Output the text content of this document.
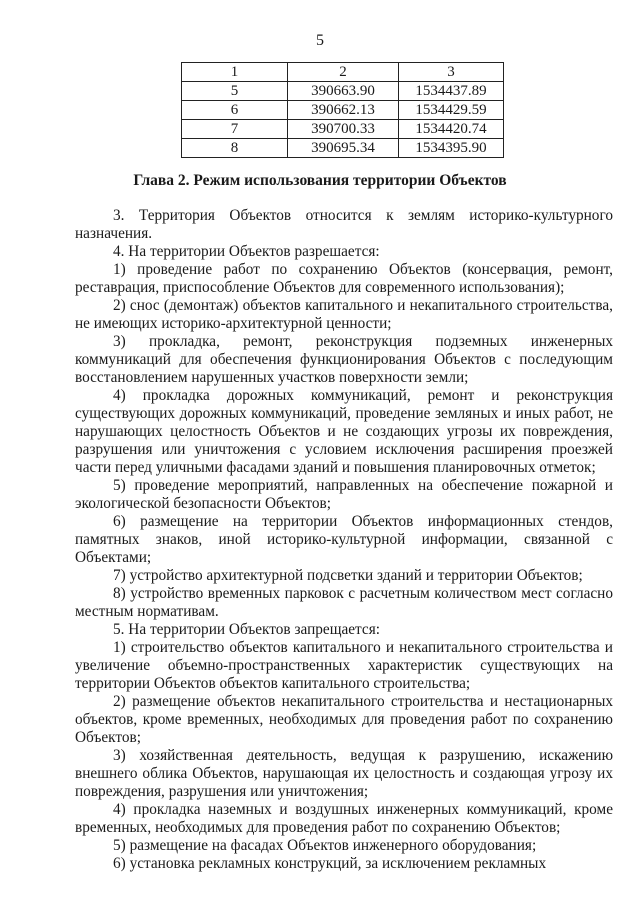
5
1	2	3
5	390663.90	1534437.89
6	390662.13	1534429.59
7	390700.33	1534420.74
8	390695.34	1534395.90
Глава 2. Режим использования территории Объектов

3. Территория Объектов относится к землям историко-культурного назначения.

4. На территории Объектов разрешается:

1) проведение работ по сохранению Объектов (консервация, ремонт, реставрация, приспособление Объектов для современного использования);

2) снос (демонтаж) объектов капитального и некапитального строительства, не имеющих историко-архитектурной ценности;

3) прокладка, ремонт, реконструкция подземных инженерных коммуникаций для обеспечения функционирования Объектов с последующим восстановлением нарушенных участков поверхности земли;

4) прокладка дорожных коммуникаций, ремонт и реконструкция существующих дорожных коммуникаций, проведение земляных и иных работ, не нарушающих целостность Объектов и не создающих угрозы их повреждения, разрушения или уничтожения с условием исключения расширения проезжей части перед уличными фасадами зданий и повышения планировочных отметок;

5) проведение мероприятий, направленных на обеспечение пожарной и экологической безопасности Объектов;

6) размещение на территории Объектов информационных стендов, памятных знаков, иной историко-культурной информации, связанной с Объектами;

7) устройство архитектурной подсветки зданий и территории Объектов;

8) устройство временных парковок с расчетным количеством мест согласно местным нормативам.

5. На территории Объектов запрещается:

1) строительство объектов капитального и некапитального строительства и увеличение объемно-пространственных характеристик существующих на территории Объектов объектов капитального строительства;

2) размещение объектов некапитального строительства и нестационарных объектов, кроме временных, необходимых для проведения работ по сохранению Объектов;

3) хозяйственная деятельность, ведущая к разрушению, искажению внешнего облика Объектов, нарушающая их целостность и создающая угрозу их повреждения, разрушения или уничтожения;

4) прокладка наземных и воздушных инженерных коммуникаций, кроме временных, необходимых для проведения работ по сохранению Объектов;

5) размещение на фасадах Объектов инженерного оборудования;

6) установка рекламных конструкций, за исключением рекламных
